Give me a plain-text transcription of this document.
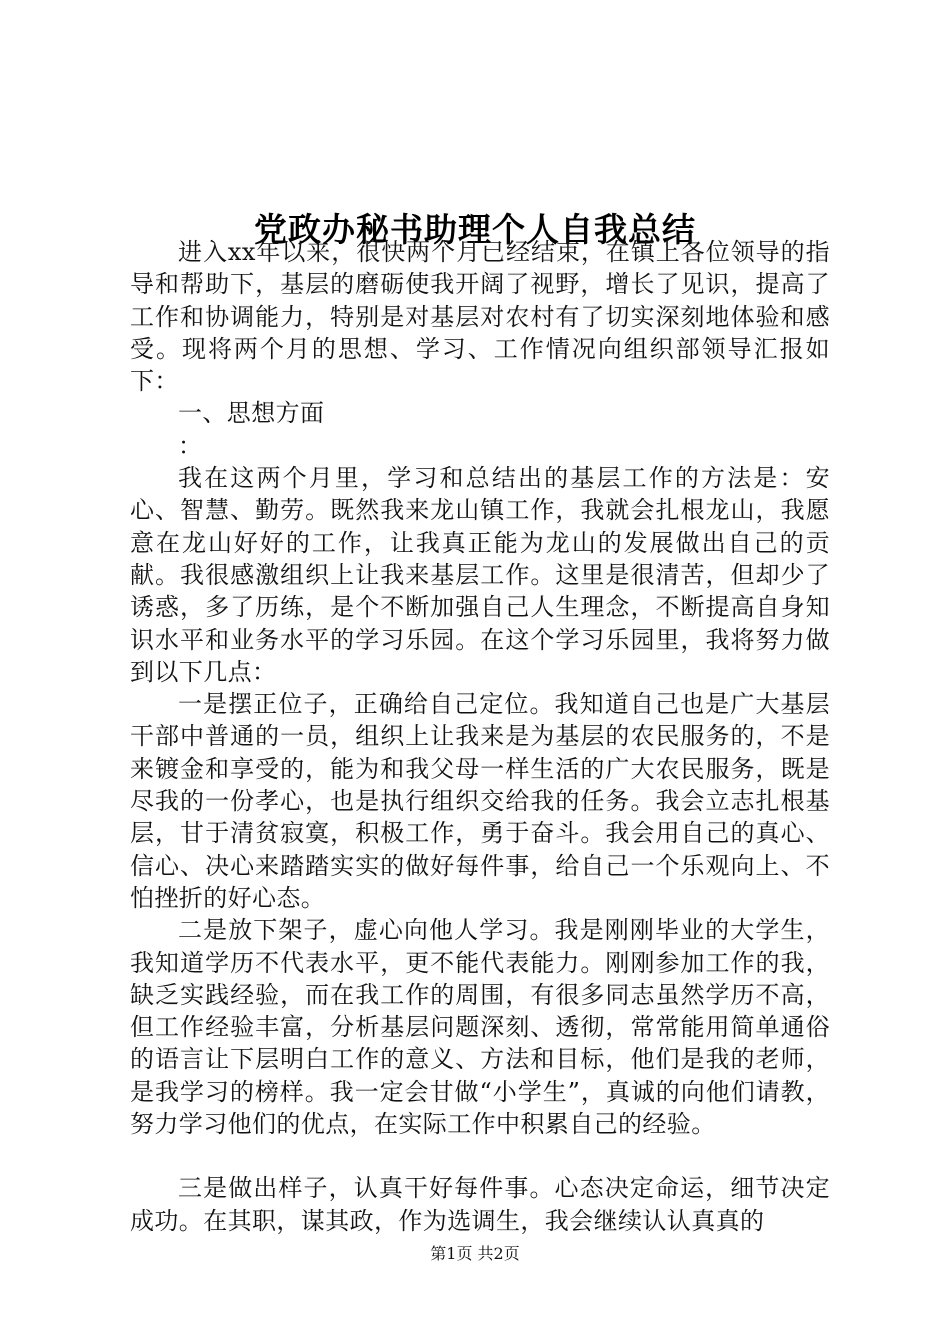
党政办秘书助理个人自我总结

进入xx年以来，很快两个月已经结束，在镇上各位领导的指导和帮助下，基层的磨砺使我开阔了视野，增长了见识，提高了工作和协调能力，特别是对基层对农村有了切实深刻地体验和感受。现将两个月的思想、学习、工作情况向组织部领导汇报如下：

一、思想方面

：

我在这两个月里，学习和总结出的基层工作的方法是：安心、智慧、勤劳。既然我来龙山镇工作，我就会扎根龙山，我愿意在龙山好好的工作，让我真正能为龙山的发展做出自己的贡献。我很感激组织上让我来基层工作。这里是很清苦，但却少了诱惑，多了历练，是个不断加强自己人生理念，不断提高自身知识水平和业务水平的学习乐园。在这个学习乐园里，我将努力做到以下几点：

一是摆正位子，正确给自己定位。我知道自己也是广大基层干部中普通的一员，组织上让我来是为基层的农民服务的，不是来镀金和享受的，能为和我父母一样生活的广大农民服务，既是尽我的一份孝心，也是执行组织交给我的任务。我会立志扎根基层，甘于清贫寂寞，积极工作，勇于奋斗。我会用自己的真心、信心、决心来踏踏实实的做好每件事，给自己一个乐观向上、不怕挫折的好心态。

二是放下架子，虚心向他人学习。我是刚刚毕业的大学生，我知道学历不代表水平，更不能代表能力。刚刚参加工作的我，缺乏实践经验，而在我工作的周围，有很多同志虽然学历不高，但工作经验丰富，分析基层问题深刻、透彻，常常能用简单通俗的语言让下层明白工作的意义、方法和目标，他们是我的老师，是我学习的榜样。我一定会甘做“小学生”，真诚的向他们请教，努力学习他们的优点，在实际工作中积累自己的经验。

三是做出样子，认真干好每件事。心态决定命运，细节决定成功。在其职，谋其政，作为选调生，我会继续认认真真的

第1页 共2页
